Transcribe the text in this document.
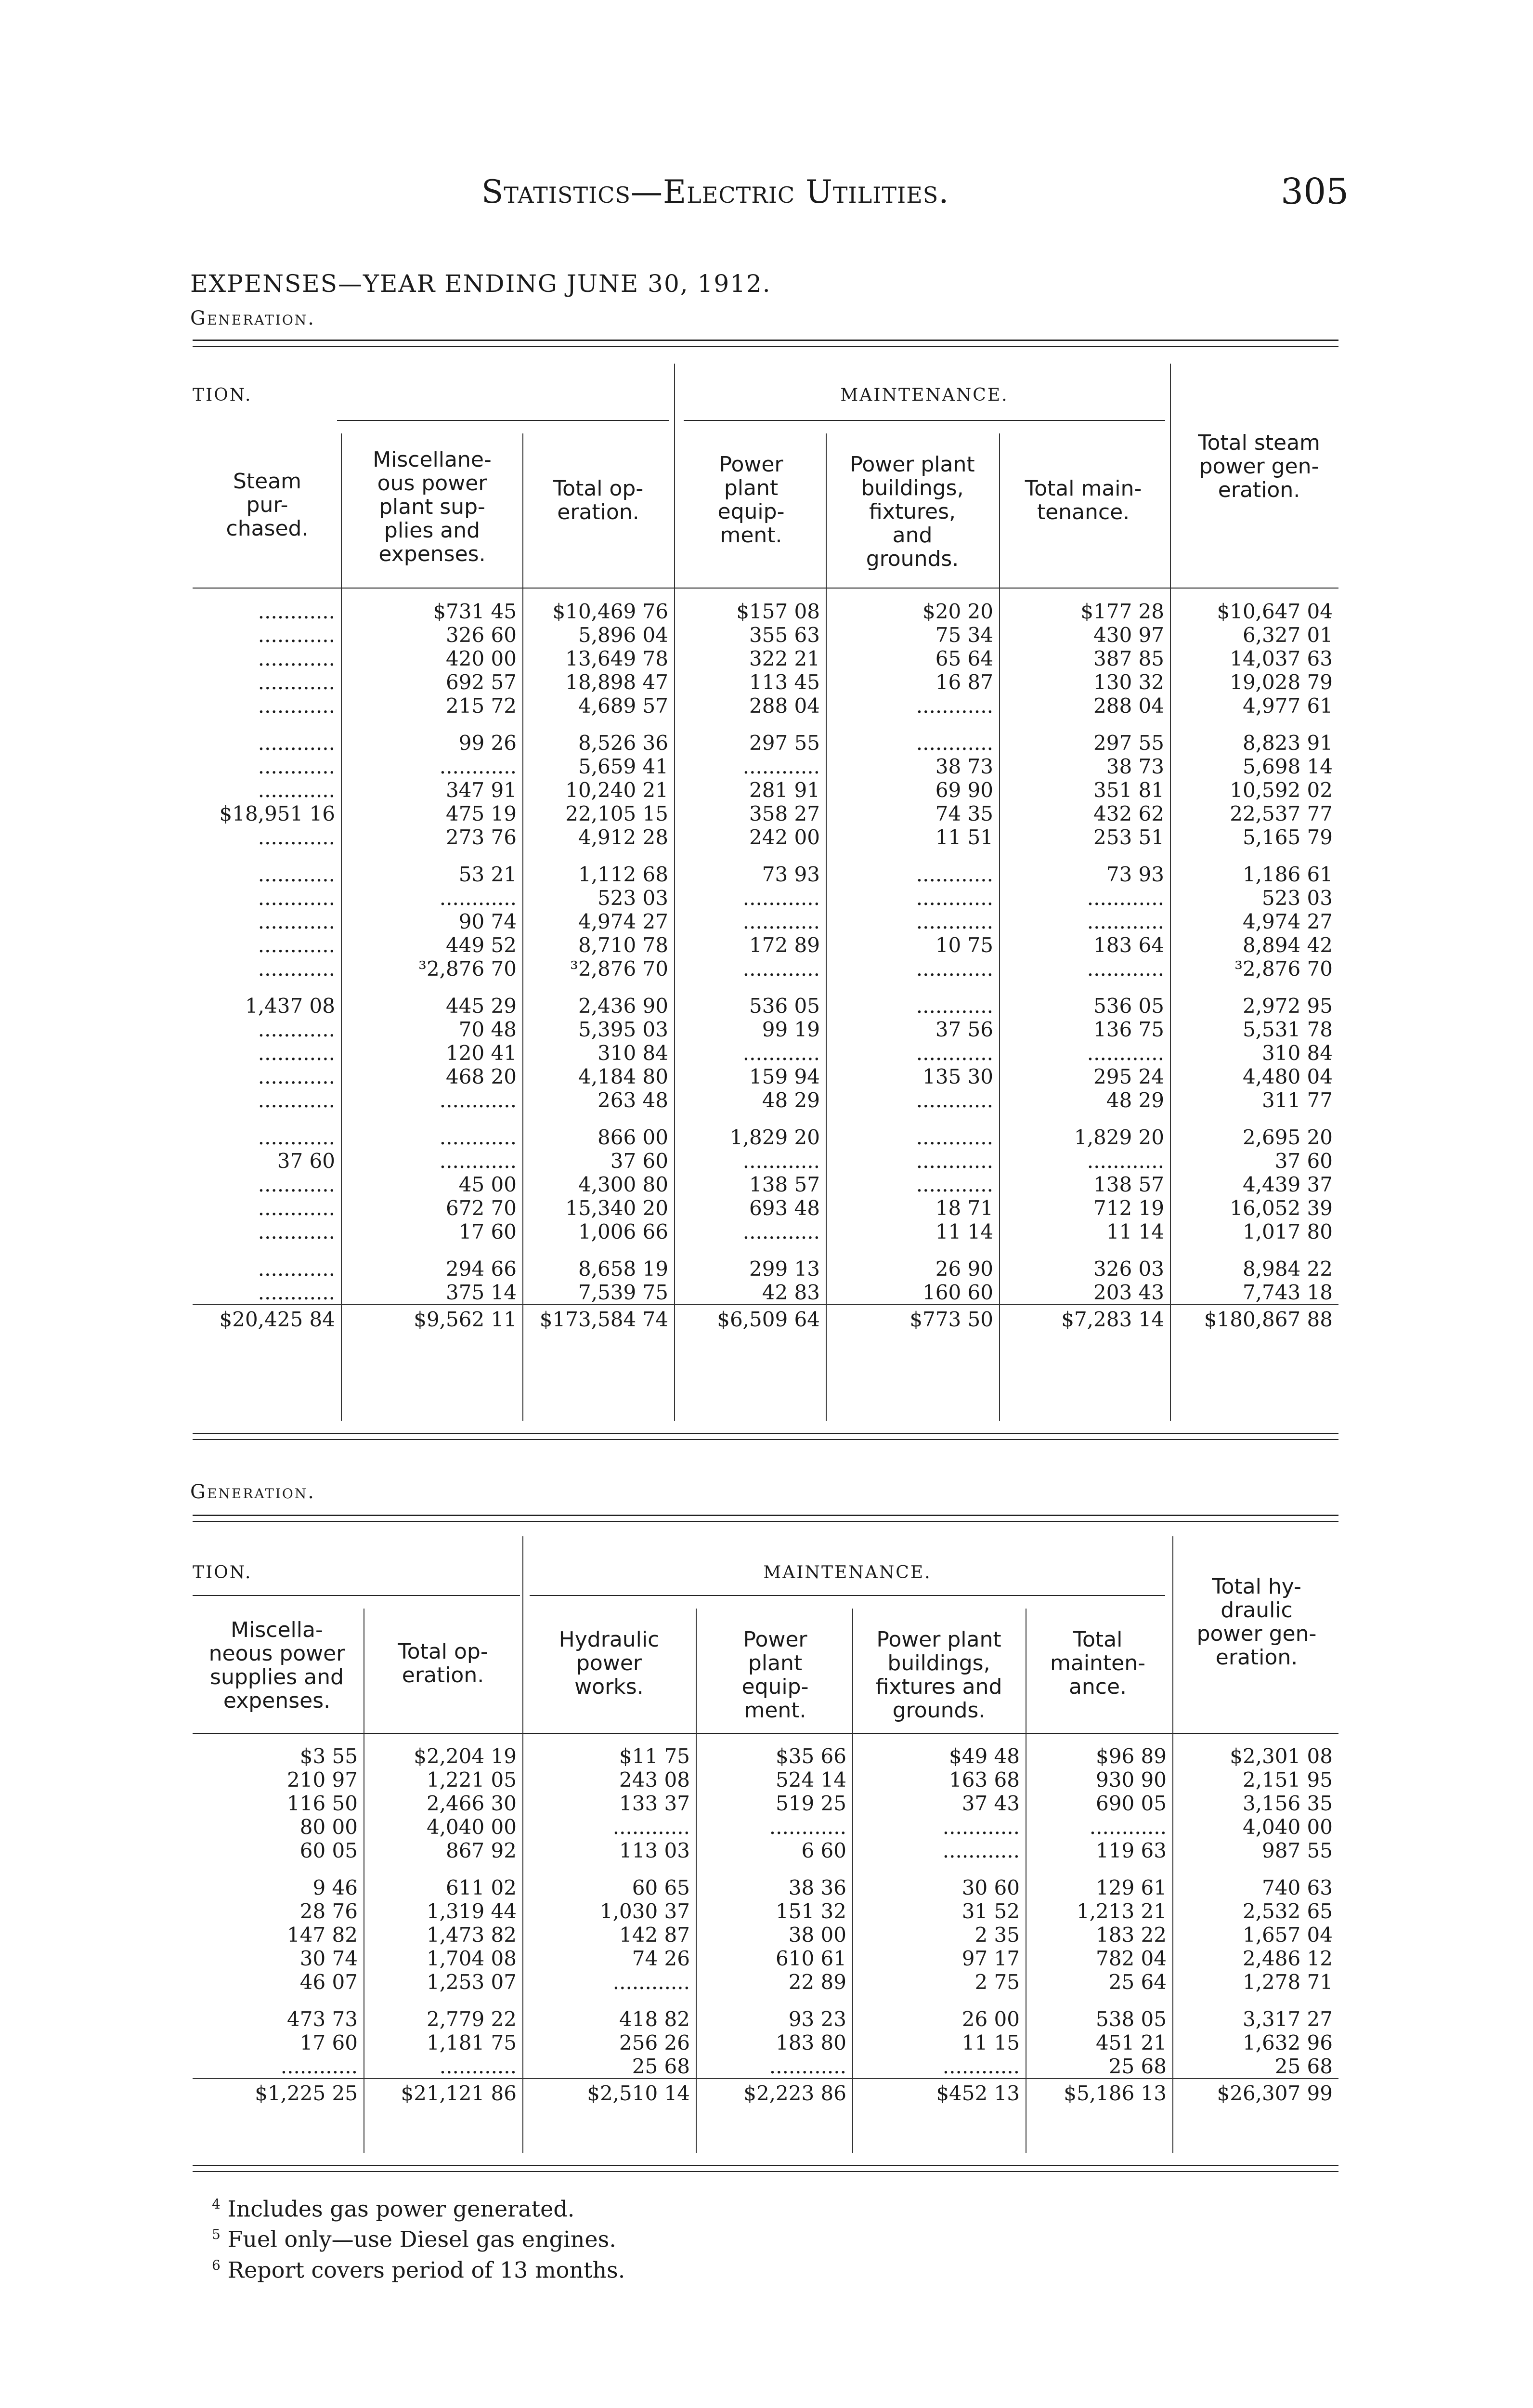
Statistics—Electric Utilities.	305
EXPENSES—YEAR ENDING JUNE 30, 1912.
Generation.
TION.	MAINTENANCE.
Steam
pur-
chased.
Miscellane-
ous power
plant sup-
plies and
expenses.
Total op-
eration.
Power
plant
equip-
ment.
Power plant
buildings,
fixtures,
and
grounds.
Total main-
tenance.
Total steam
power gen-
eration.
............	$731 45	$10,469 76	$157 08	$20 20	$177 28	$10,647 04
............	326 60	5,896 04	355 63	75 34	430 97	6,327 01
............	420 00	13,649 78	322 21	65 64	387 85	14,037 63
............	692 57	18,898 47	113 45	16 87	130 32	19,028 79
............	215 72	4,689 57	288 04	............	288 04	4,977 61

............	99 26	8,526 36	297 55	............	297 55	8,823 91
............	............	5,659 41	............	38 73	38 73	5,698 14
............	347 91	10,240 21	281 91	69 90	351 81	10,592 02
$18,951 16	475 19	22,105 15	358 27	74 35	432 62	22,537 77
............	273 76	4,912 28	242 00	11 51	253 51	5,165 79

............	53 21	1,112 68	73 93	............	73 93	1,186 61
............	............	523 03	............	............	............	523 03
............	90 74	4,974 27	............	............	............	4,974 27
............	449 52	8,710 78	172 89	10 75	183 64	8,894 42
............	³2,876 70	³2,876 70	............	............	............	³2,876 70

1,437 08	445 29	2,436 90	536 05	............	536 05	2,972 95
............	70 48	5,395 03	99 19	37 56	136 75	5,531 78
............	120 41	310 84	............	............	............	310 84
............	468 20	4,184 80	159 94	135 30	295 24	4,480 04
............	............	263 48	48 29	............	48 29	311 77

............	............	866 00	1,829 20	............	1,829 20	2,695 20
37 60	............	37 60	............	............	............	37 60
............	45 00	4,300 80	138 57	............	138 57	4,439 37
............	672 70	15,340 20	693 48	18 71	712 19	16,052 39
............	17 60	1,006 66	............	11 14	11 14	1,017 80

............	294 66	8,658 19	299 13	26 90	326 03	8,984 22
............	375 14	7,539 75	42 83	160 60	203 43	7,743 18
$20,425 84	$9,562 11	$173,584 74	$6,509 64	$773 50	$7,283 14	$180,867 88
Generation.
TION.	MAINTENANCE.
Miscella-
neous power
supplies and
expenses.
Total op-
eration.
Hydraulic
power
works.
Power
plant
equip-
ment.
Power plant
buildings,
fixtures and
grounds.
Total
mainten-
ance.
Total hy-
draulic
power gen-
eration.
$3 55	$2,204 19	$11 75	$35 66	$49 48	$96 89	$2,301 08
210 97	1,221 05	243 08	524 14	163 68	930 90	2,151 95
116 50	2,466 30	133 37	519 25	37 43	690 05	3,156 35
80 00	4,040 00	............	............	............	............	4,040 00
60 05	867 92	113 03	6 60	............	119 63	987 55

9 46	611 02	60 65	38 36	30 60	129 61	740 63
28 76	1,319 44	1,030 37	151 32	31 52	1,213 21	2,532 65
147 82	1,473 82	142 87	38 00	2 35	183 22	1,657 04
30 74	1,704 08	74 26	610 61	97 17	782 04	2,486 12
46 07	1,253 07	............	22 89	2 75	25 64	1,278 71

473 73	2,779 22	418 82	93 23	26 00	538 05	3,317 27
17 60	1,181 75	256 26	183 80	11 15	451 21	1,632 96
............	............	25 68	............	............	25 68	25 68
$1,225 25	$21,121 86	$2,510 14	$2,223 86	$452 13	$5,186 13	$26,307 99
$^4$ Includes gas power generated.
$^5$ Fuel only—use Diesel gas engines.
$^6$ Report covers period of 13 months.
